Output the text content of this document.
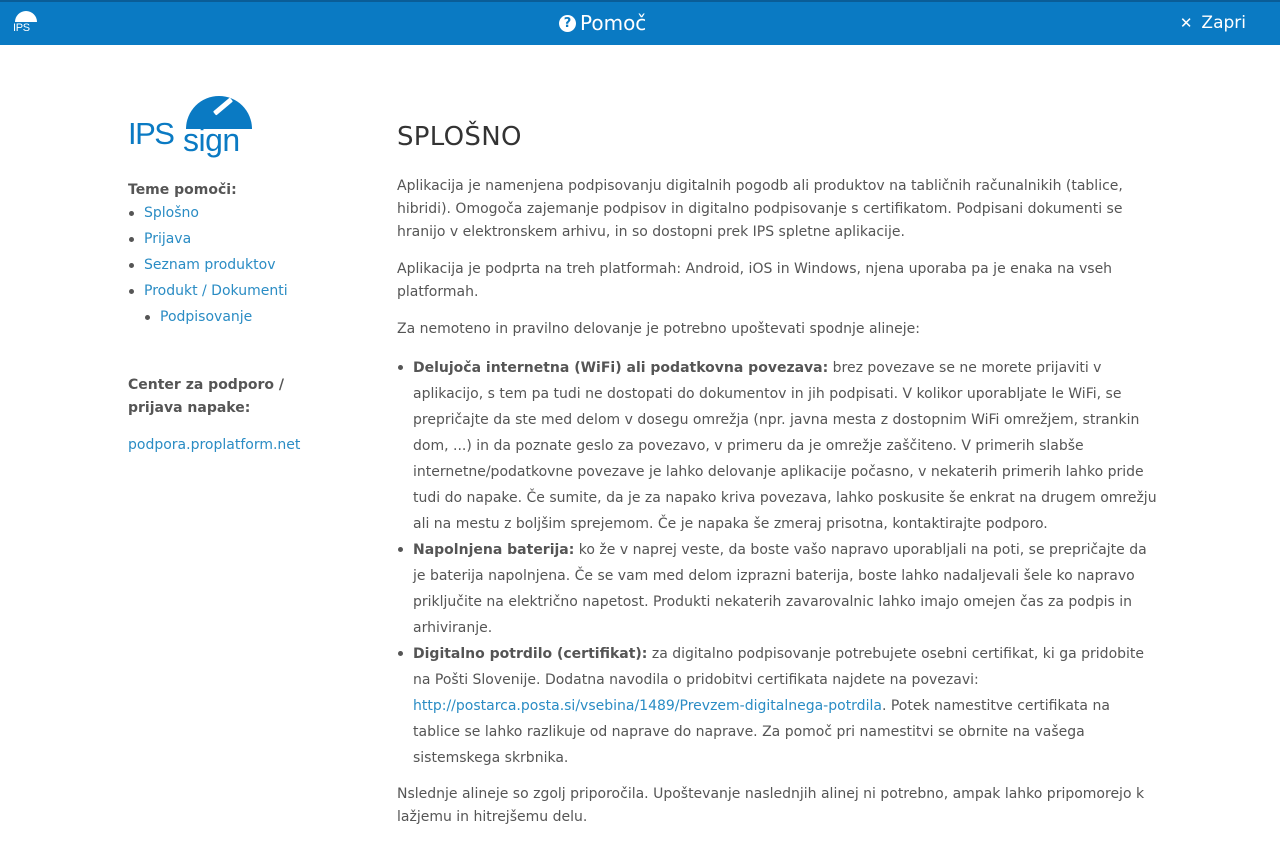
IPS	? Pomoč	✕ Zapri
IPS sign
Teme pomoči:
Splošno
Prijava
Seznam produktov
Produkt / Dokumenti
Podpisovanje
Center za podporo /
prijava napake:
podpora.proplatform.net
SPLOŠNO

Aplikacija je namenjena podpisovanju digitalnih pogodb ali produktov na tabličnih računalnikih (tablice, hibridi). Omogoča zajemanje podpisov in digitalno podpisovanje s certifikatom. Podpisani dokumenti se hranijo v elektronskem arhivu, in so dostopni prek IPS spletne aplikacije.

Aplikacija je podprta na treh platformah: Android, iOS in Windows, njena uporaba pa je enaka na vseh platformah.

Za nemoteno in pravilno delovanje je potrebno upoštevati spodnje alineje:

Delujoča internetna (WiFi) ali podatkovna povezava: brez povezave se ne morete prijaviti v aplikacijo, s tem pa tudi ne dostopati do dokumentov in jih podpisati. V kolikor uporabljate le WiFi, se prepričajte da ste med delom v dosegu omrežja (npr. javna mesta z dostopnim WiFi omrežjem, strankin dom, ...) in da poznate geslo za povezavo, v primeru da je omrežje zaščiteno. V primerih slabše internetne/podatkovne povezave je lahko delovanje aplikacije počasno, v nekaterih primerih lahko pride tudi do napake. Če sumite, da je za napako kriva povezava, lahko poskusite še enkrat na drugem omrežju ali na mestu z boljšim sprejemom. Če je napaka še zmeraj prisotna, kontaktirajte podporo.
Napolnjena baterija: ko že v naprej veste, da boste vašo napravo uporabljali na poti, se prepričajte da je baterija napolnjena. Če se vam med delom izprazni baterija, boste lahko nadaljevali šele ko napravo priključite na električno napetost. Produkti nekaterih zavarovalnic lahko imajo omejen čas za podpis in arhiviranje.
Digitalno potrdilo (certifikat): za digitalno podpisovanje potrebujete osebni certifikat, ki ga pridobite na Pošti Slovenije. Dodatna navodila o pridobitvi certifikata najdete na povezavi: http://postarca.posta.si/vsebina/1489/Prevzem-digitalnega-potrdila. Potek namestitve certifikata na tablice se lahko razlikuje od naprave do naprave. Za pomoč pri namestitvi se obrnite na vašega sistemskega skrbnika.

Nslednje alineje so zgolj priporočila. Upoštevanje naslednjih alinej ni potrebno, ampak lahko pripomorejo k lažjemu in hitrejšemu delu.
